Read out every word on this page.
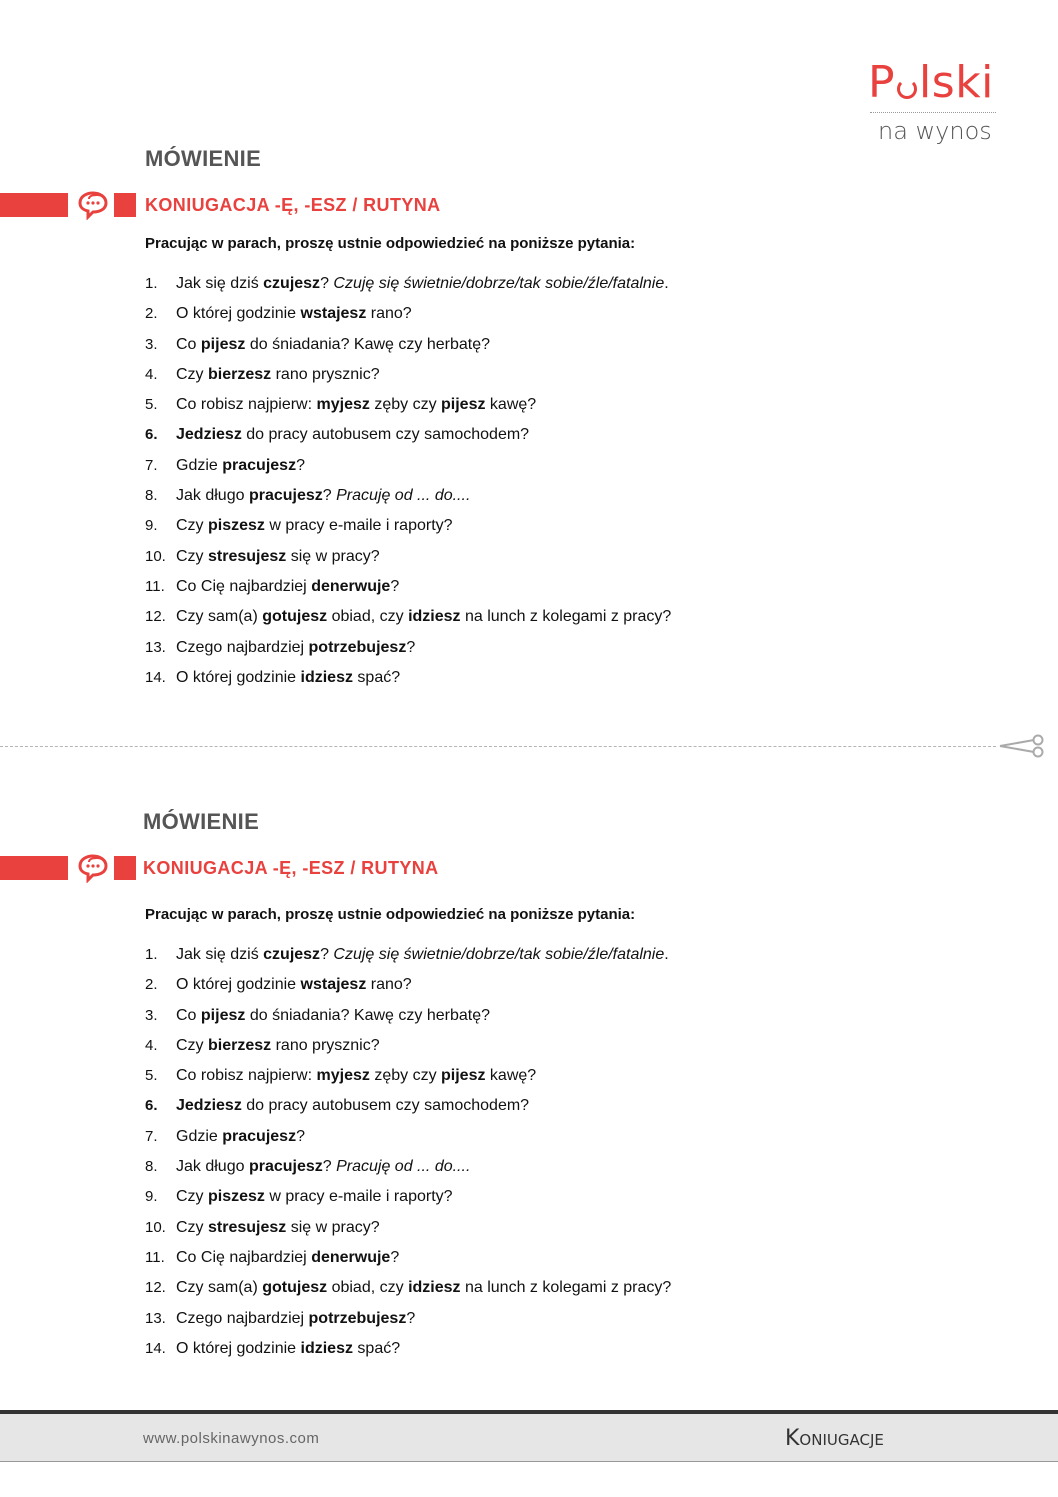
P lski
na wynos
MÓWIENIE
KONIUGACJA -Ę, -ESZ / RUTYNA
Pracując w parach, proszę ustnie odpowiedzieć na poniższe pytania:
1. Jak się dziś czujesz? Czuję się świetnie/dobrze/tak sobie/źle/fatalnie.
2. O której godzinie wstajesz rano?
3. Co pijesz do śniadania? Kawę czy herbatę?
4. Czy bierzesz rano prysznic?
5. Co robisz najpierw: myjesz zęby czy pijesz kawę?
6. Jedziesz do pracy autobusem czy samochodem?
7. Gdzie pracujesz?
8. Jak długo pracujesz? Pracuję od ... do....
9. Czy piszesz w pracy e-maile i raporty?
10. Czy stresujesz się w pracy?
11. Co Cię najbardziej denerwuje?
12. Czy sam(a) gotujesz obiad, czy idziesz na lunch z kolegami z pracy?
13. Czego najbardziej potrzebujesz?
14. O której godzinie idziesz spać?
MÓWIENIE
KONIUGACJA -Ę, -ESZ / RUTYNA
Pracując w parach, proszę ustnie odpowiedzieć na poniższe pytania:
1. Jak się dziś czujesz? Czuję się świetnie/dobrze/tak sobie/źle/fatalnie.
2. O której godzinie wstajesz rano?
3. Co pijesz do śniadania? Kawę czy herbatę?
4. Czy bierzesz rano prysznic?
5. Co robisz najpierw: myjesz zęby czy pijesz kawę?
6. Jedziesz do pracy autobusem czy samochodem?
7. Gdzie pracujesz?
8. Jak długo pracujesz? Pracuję od ... do....
9. Czy piszesz w pracy e-maile i raporty?
10. Czy stresujesz się w pracy?
11. Co Cię najbardziej denerwuje?
12. Czy sam(a) gotujesz obiad, czy idziesz na lunch z kolegami z pracy?
13. Czego najbardziej potrzebujesz?
14. O której godzinie idziesz spać?
www.polskinawynos.com	Koniugacje
